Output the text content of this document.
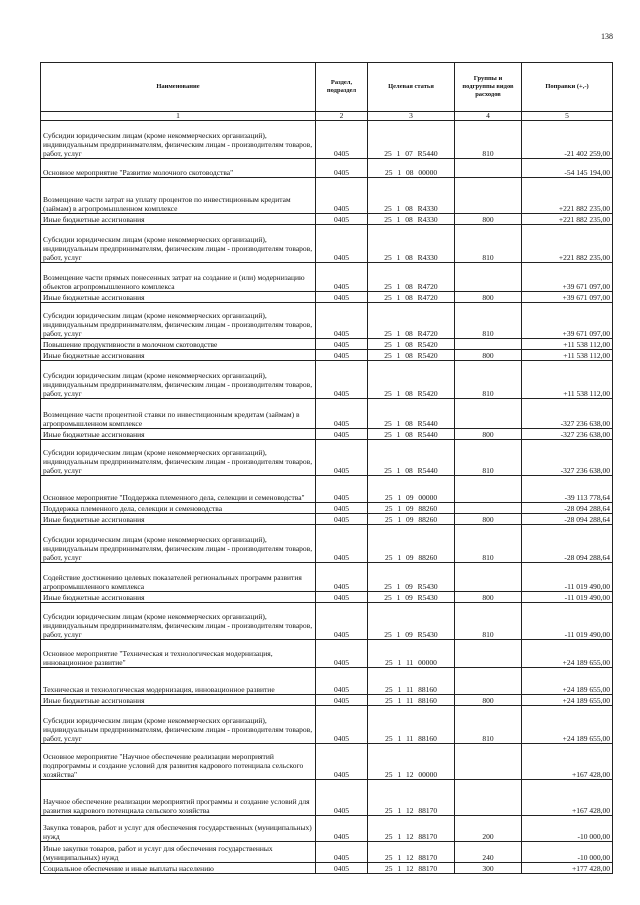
138
Наименование	Раздел, подраздел	Целевая статья	Группы и подгруппы видов расходов	Поправки (+,-)
1	2	3	4	5
Субсидии юридическим лицам (кроме некоммерческих организаций), индивидуальным предпринимателям, физическим лицам - производителям товаров, работ, услуг	0405	25 1 07 R5440	810	-21 402 259,00
Основное мероприятие "Развитие молочного скотоводства"	0405	25 1 08 00000		-54 145 194,00
Возмещение части затрат на уплату процентов по инвестиционным кредитам (займам) в агропромышленном комплексе	0405	25 1 08 R4330		+221 882 235,00
Иные бюджетные ассигнования	0405	25 1 08 R4330	800	+221 882 235,00
Субсидии юридическим лицам (кроме некоммерческих организаций), индивидуальным предпринимателям, физическим лицам - производителям товаров, работ, услуг	0405	25 1 08 R4330	810	+221 882 235,00
Возмещение части прямых понесенных затрат на создание и (или) модернизацию объектов агропромышленного комплекса	0405	25 1 08 R4720		+39 671 097,00
Иные бюджетные ассигнования	0405	25 1 08 R4720	800	+39 671 097,00
Субсидии юридическим лицам (кроме некоммерческих организаций), индивидуальным предпринимателям, физическим лицам - производителям товаров, работ, услуг	0405	25 1 08 R4720	810	+39 671 097,00
Повышение продуктивности в молочном скотоводстве	0405	25 1 08 R5420		+11 538 112,00
Иные бюджетные ассигнования	0405	25 1 08 R5420	800	+11 538 112,00
Субсидии юридическим лицам (кроме некоммерческих организаций), индивидуальным предпринимателям, физическим лицам - производителям товаров, работ, услуг	0405	25 1 08 R5420	810	+11 538 112,00
Возмещение части процентной ставки по инвестиционным кредитам (займам) в агропромышленном комплексе	0405	25 1 08 R5440		-327 236 638,00
Иные бюджетные ассигнования	0405	25 1 08 R5440	800	-327 236 638,00
Субсидии юридическим лицам (кроме некоммерческих организаций), индивидуальным предпринимателям, физическим лицам - производителям товаров, работ, услуг	0405	25 1 08 R5440	810	-327 236 638,00
Основное мероприятие "Поддержка племенного дела, селекции и семеноводства"	0405	25 1 09 00000		-39 113 778,64
Поддержка племенного дела, селекции и семеноводства	0405	25 1 09 88260		-28 094 288,64
Иные бюджетные ассигнования	0405	25 1 09 88260	800	-28 094 288,64
Субсидии юридическим лицам (кроме некоммерческих организаций), индивидуальным предпринимателям, физическим лицам - производителям товаров, работ, услуг	0405	25 1 09 88260	810	-28 094 288,64
Содействие достижению целевых показателей региональных программ развития агропромышленного комплекса	0405	25 1 09 R5430		-11 019 490,00
Иные бюджетные ассигнования	0405	25 1 09 R5430	800	-11 019 490,00
Субсидии юридическим лицам (кроме некоммерческих организаций), индивидуальным предпринимателям, физическим лицам - производителям товаров, работ, услуг	0405	25 1 09 R5430	810	-11 019 490,00
Основное мероприятие "Техническая и технологическая модернизация, инновационное развитие"	0405	25 1 11 00000		+24 189 655,00
Техническая и технологическая модернизация, инновационное развитие	0405	25 1 11 88160		+24 189 655,00
Иные бюджетные ассигнования	0405	25 1 11 88160	800	+24 189 655,00
Субсидии юридическим лицам (кроме некоммерческих организаций), индивидуальным предпринимателям, физическим лицам - производителям товаров, работ, услуг	0405	25 1 11 88160	810	+24 189 655,00
Основное мероприятие "Научное обеспечение реализации мероприятий подпрограммы и создание условий для развития кадрового потенциала сельского хозяйства"	0405	25 1 12 00000		+167 428,00
Научное обеспечение реализации мероприятий программы и создание условий для развития кадрового потенциала сельского хозяйства	0405	25 1 12 88170		+167 428,00
Закупка товаров, работ и услуг для обеспечения государственных (муниципальных) нужд	0405	25 1 12 88170	200	-10 000,00
Иные закупки товаров, работ и услуг для обеспечения государственных (муниципальных) нужд	0405	25 1 12 88170	240	-10 000,00
Социальное обеспечение и иные выплаты населению	0405	25 1 12 88170	300	+177 428,00
